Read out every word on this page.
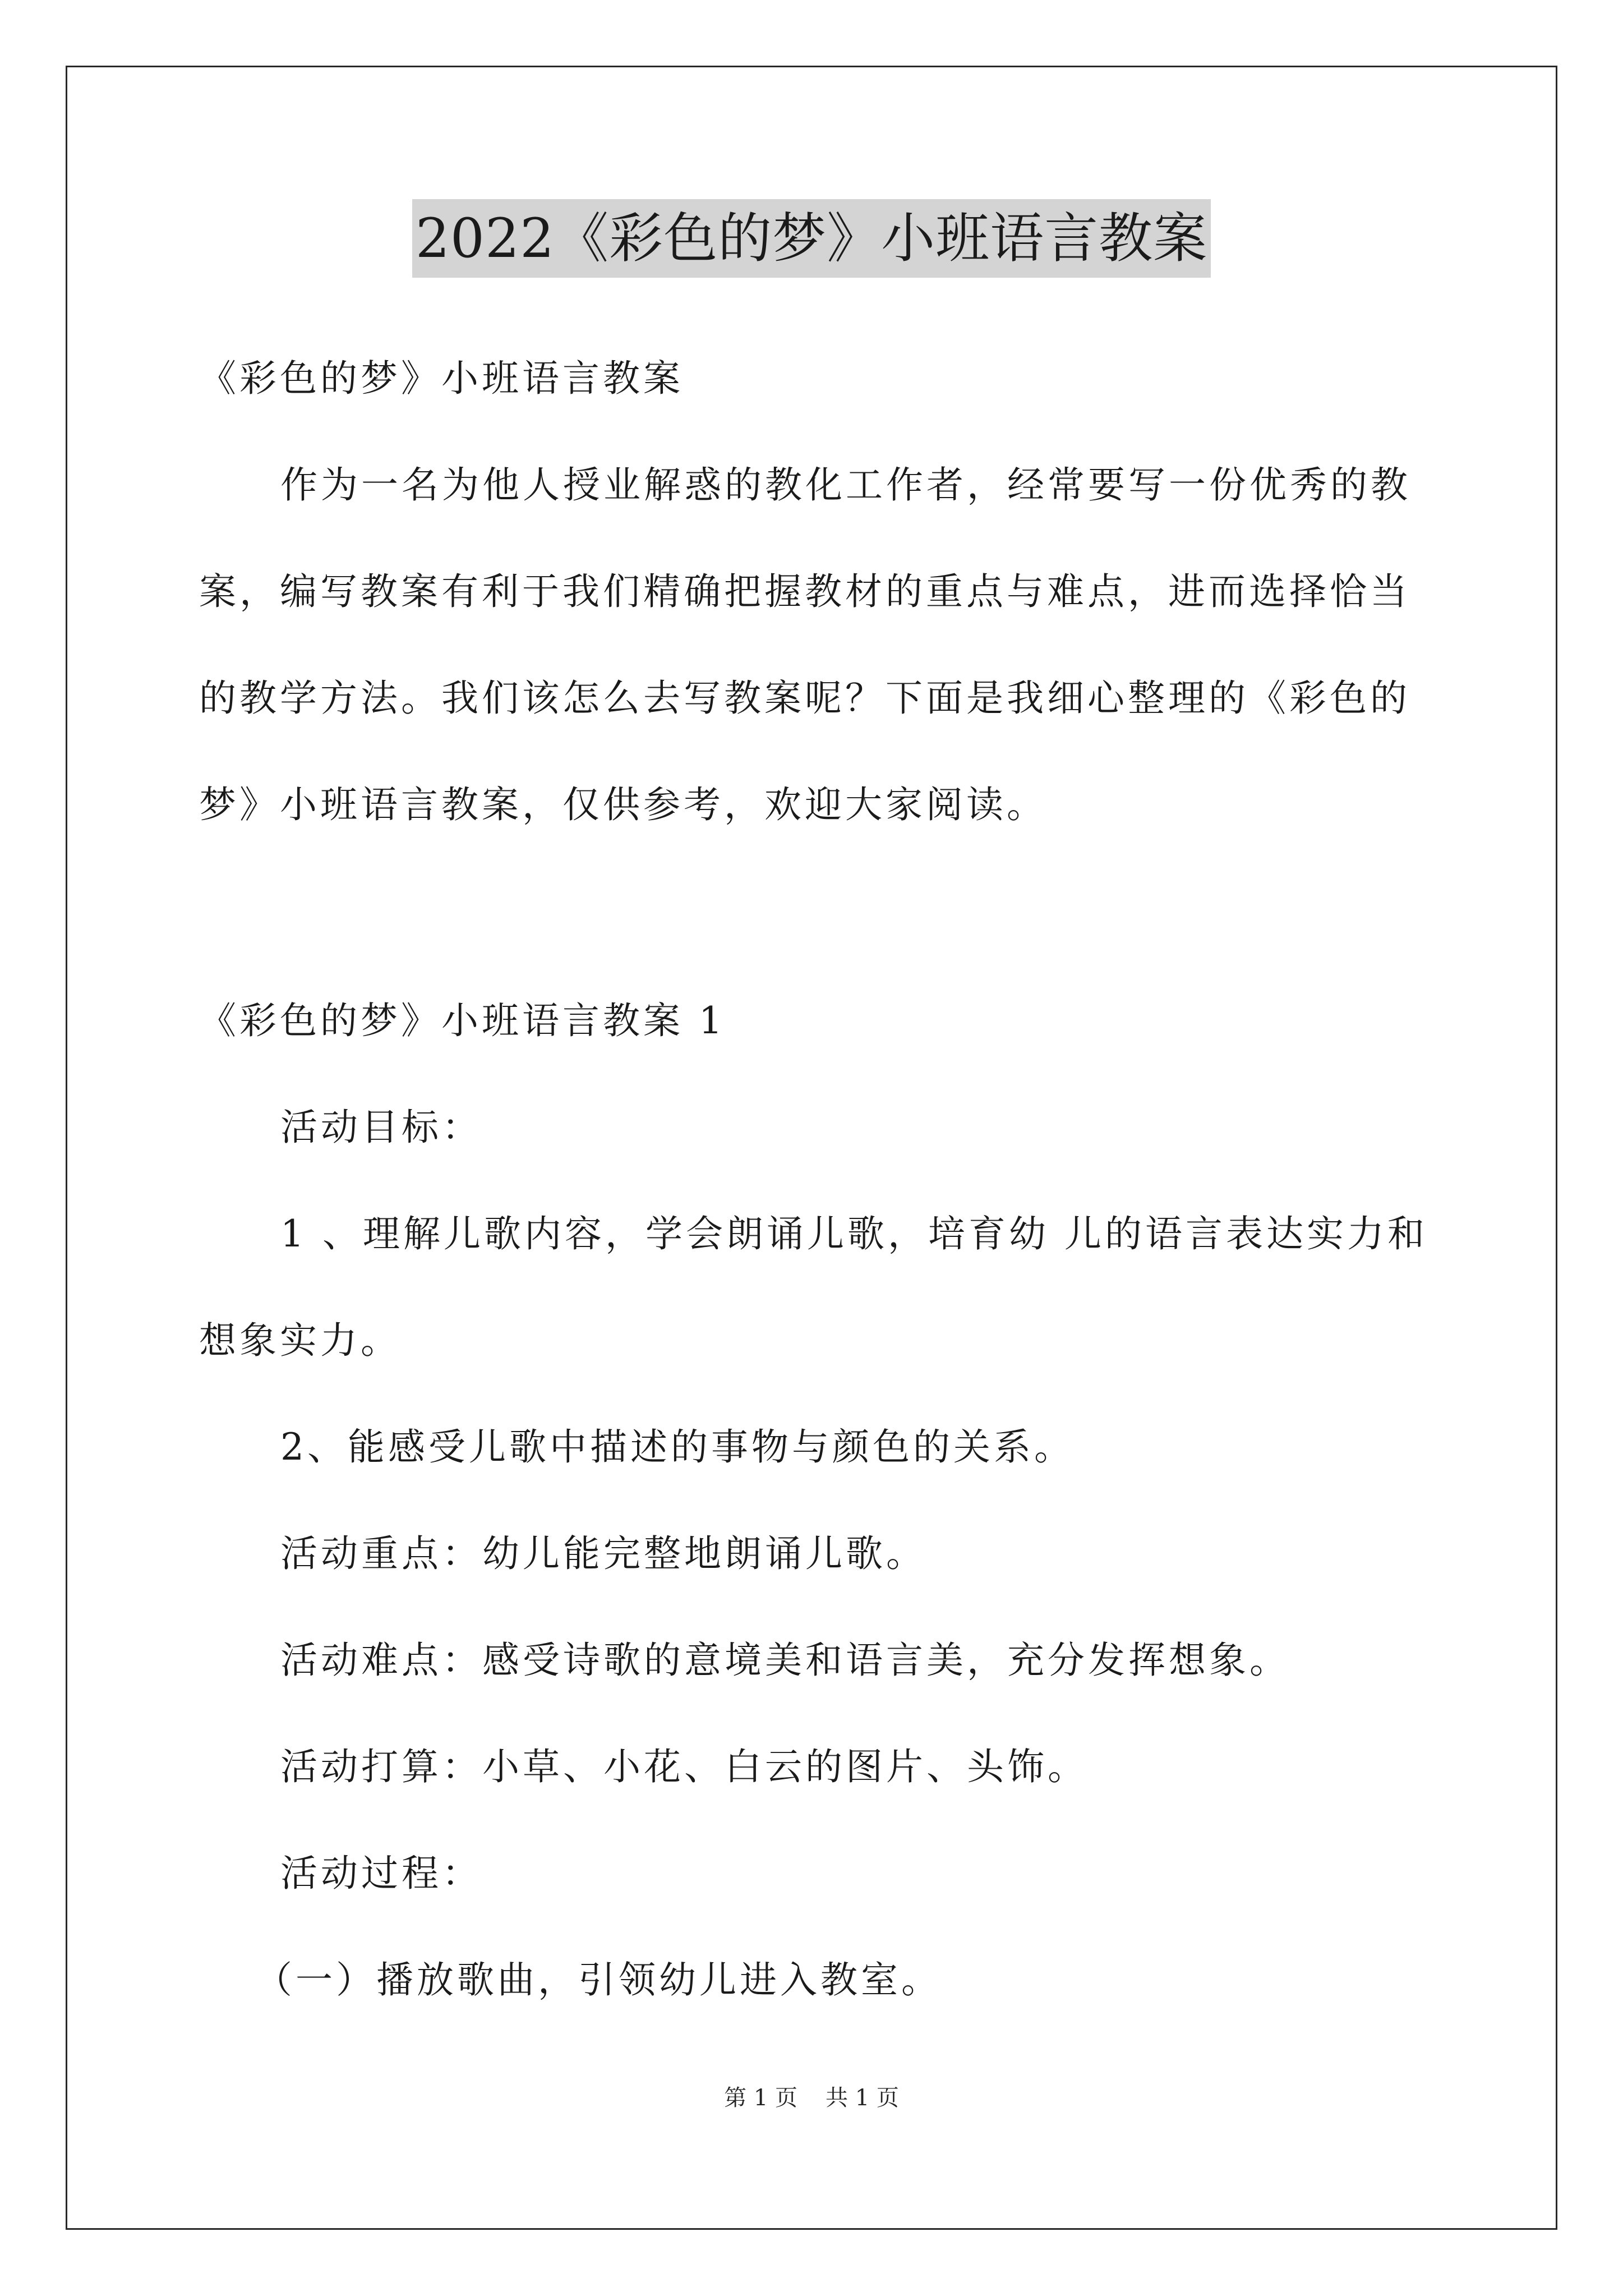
2022《彩色的梦》小班语言教案
《彩色的梦》小班语言教案
作为一名为他人授业解惑的教化工作者，经常要写一份优秀的教
案，编写教案有利于我们精确把握教材的重点与难点，进而选择恰当
的教学方法。我们该怎么去写教案呢？下面是我细心整理的《彩色的
梦》小班语言教案，仅供参考，欢迎大家阅读。
《彩色的梦》小班语言教案 1
活动目标：
1 、理解儿歌内容，学会朗诵儿歌，培育幼 儿的语言表达实力和
想象实力。
2、能感受儿歌中描述的事物与颜色的关系。
活动重点：幼儿能完整地朗诵儿歌。
活动难点：感受诗歌的意境美和语言美，充分发挥想象。
活动打算：小草、小花、白云的图片、头饰。
活动过程：
（一）播放歌曲，引领幼儿进入教室。
第 1 页 共 1 页
